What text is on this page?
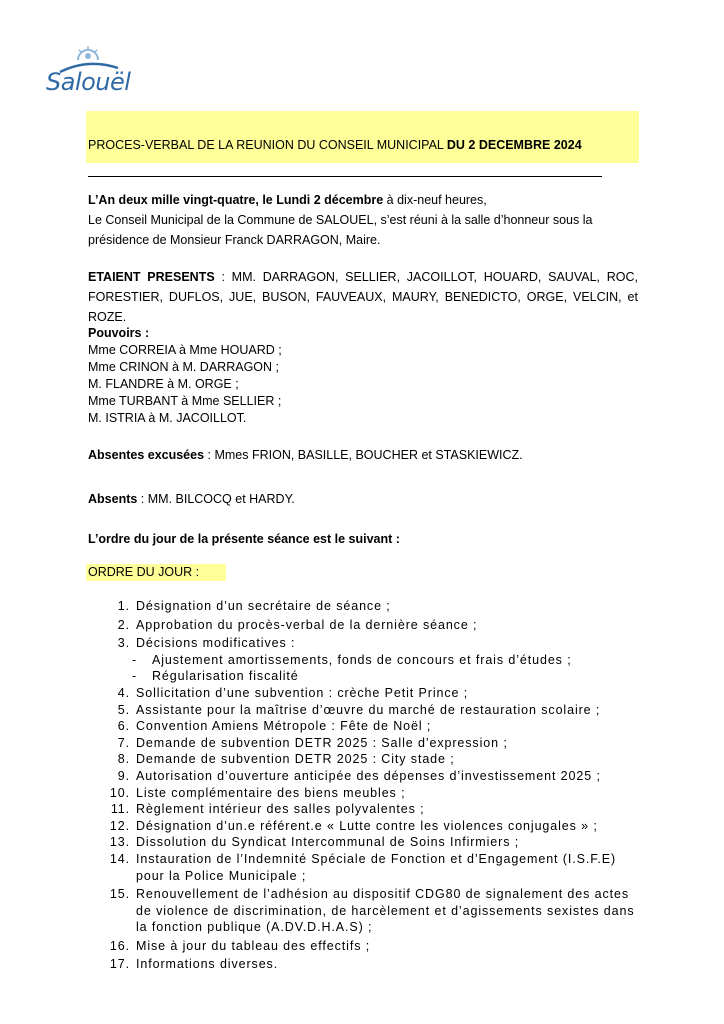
Salouël
PROCES-VERBAL DE LA REUNION DU CONSEIL MUNICIPAL DU 2 DECEMBRE 2024
L’An deux mille vingt-quatre, le Lundi 2 décembre à dix-neuf heures,
Le Conseil Municipal de la Commune de SALOUEL, s’est réuni à la salle d’honneur sous la présidence de Monsieur Franck DARRAGON, Maire.
ETAIENT PRESENTS : MM. DARRAGON, SELLIER, JACOILLOT, HOUARD, SAUVAL, ROC, FORESTIER, DUFLOS, JUE, BUSON, FAUVEAUX, MAURY, BENEDICTO, ORGE, VELCIN, et ROZE.
Pouvoirs :
Mme CORREIA à Mme HOUARD ;
Mme CRINON à M. DARRAGON ;
M. FLANDRE à M. ORGE ;
Mme TURBANT à Mme SELLIER ;
M. ISTRIA à M. JACOILLOT.
Absentes excusées : Mmes FRION, BASILLE, BOUCHER et STASKIEWICZ.
Absents : MM. BILCOCQ et HARDY.
L’ordre du jour de la présente séance est le suivant :
ORDRE DU JOUR :
1. Désignation d’un secrétaire de séance ;
2. Approbation du procès-verbal de la dernière séance ;
3. Décisions modificatives :
-	Ajustement amortissements, fonds de concours et frais d’études ;
-	Régularisation fiscalité
4. Sollicitation d’une subvention : crèche Petit Prince ;
5. Assistante pour la maîtrise d’œuvre du marché de restauration scolaire ;
6. Convention Amiens Métropole : Fête de Noël ;
7. Demande de subvention DETR 2025 : Salle d’expression ;
8. Demande de subvention DETR 2025 : City stade ;
9. Autorisation d’ouverture anticipée des dépenses d’investissement 2025 ;
10. Liste complémentaire des biens meubles ;
11. Règlement intérieur des salles polyvalentes ;
12. Désignation d’un.e référent.e « Lutte contre les violences conjugales » ;
13. Dissolution du Syndicat Intercommunal de Soins Infirmiers ;
14. Instauration de l’Indemnité Spéciale de Fonction et d’Engagement (I.S.F.E) pour la Police Municipale ;
15. Renouvellement de l’adhésion au dispositif CDG80 de signalement des actes de violence de discrimination, de harcèlement et d’agissements sexistes dans la fonction publique (A.DV.D.H.A.S) ;
16. Mise à jour du tableau des effectifs ;
17. Informations diverses.
